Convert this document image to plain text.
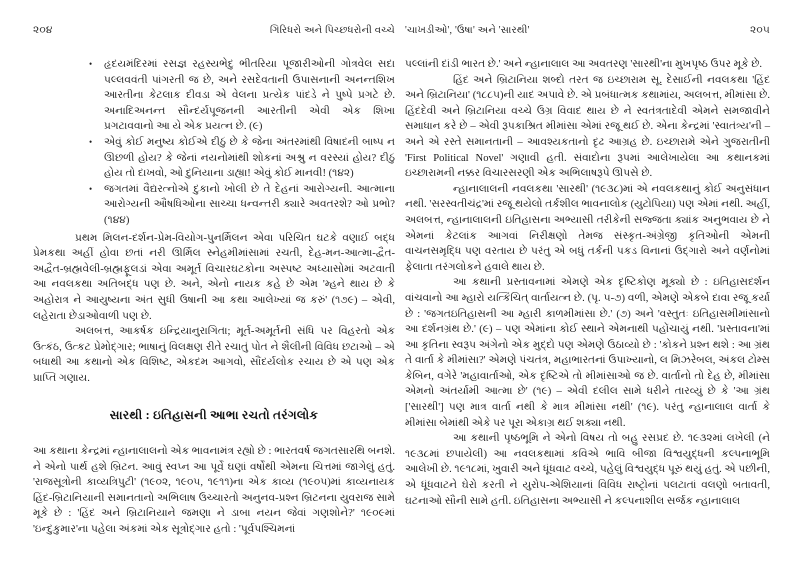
૨૦૪	ગિરિધરો અને પિચ્છધરોની વચ્ચે
• હૃદયમંદિરમાં રસજ્ઞ રહસ્યભેદુ ભીતરિયા પૂજારીઓની ગોત્રવેલ સદા પલ્લવવંતી પાંગરતી જ છે, અને રસદેવતાની ઉપાસનાની અનન્તશિખ આરતીના કેટલાક દીવડા એ વેલના પ્રત્યેક પાંદડે ને પુષ્પે પ્રગટે છે. અનાદિઅનન્ત સૌન્દર્યપૂજનની આરતીની એવી એક શિખા પ્રગટાવવાનો આ યે એક પ્રયત્ન છે. (૯)
• એવું કોઈ મનુષ્ય કોઈએ દીઠું છે કે જેના અંતરમાંથી વિષાદની બાષ્પ ન ઊછળી હોય? કે જેનાં નયનોમાંથી શોકનાં અશ્રુ ન વરસ્યાં હોય? દીઠું હોય તો દાખવો, ઓ દુનિયાના ડાહ્યા! એવું કોઈ માનવી! (૧૪૨)
• જગતમાં વૈદ્યરત્નોએ દુકાનો ખોલી છે તે દેહનાં આરોગ્યની. આત્માના આરોગ્યની ઔષધિઓના સાચ્ચા ધન્વન્તરી ક્યારે અવતરશે? ઓ પ્રભો? (૧૪૪)

પ્રથમ મિલન-દર્શન-પ્રેમ-વિયોગ-પુનર્મિલન એવા પરિચિત ઘટકે વણાઈ બદ્ધ પ્રેમકથા અહીં હોવા છતાં નરી ઊર્મિલ સ્નેહમીમાંસામાં રચતી, દેહ-મન-આત્મા-દ્વૈત-અદ્વૈત-બ્રહ્મવેલી-બ્રહ્મફૂલડાં એવા અમૂર્ત વિચારઘટકોના અસ્પષ્ટ અધ્યાસોમાં અટવાતી આ નવલકથા અતિબદ્ધ પણ છે. અને, એનો નાયક કહે છે એમ 'મ્હને થાય છે કે અહોરાત્ર ને આયુષ્યના અંત સુધી ઉષાની આ કથા આલેખ્યાં જ કરું' (૧૭૯) – એવી, લહેરાતા છેડાઓવાળી પણ છે.

અલબત્ત, આકર્ષક ઇન્દ્રિયાનુરાગિતા; મૂર્ત-અમૂર્તની સંધિ પર વિહરતો એક ઉત્કંઠ, ઉત્કટ પ્રેમોદ્ગાર; ભાષાનું વિલક્ષણ રીતે રચાતું પોત ને શૈલીની વિવિધ છટાઓ – એ બધાથી આ કથાનો એક વિશિષ્ટ, એકદમ આગવો, સૌંદર્યલોક રચાય છે એ પણ એક પ્રાપ્તિ ગણાય.

સારથી : ઇતિહાસની આભા રચતો તરંગલોક

આ કથાના કેન્દ્રમાં ન્હાનાલાલનો એક ભાવનામંત્ર રહ્યો છે : ભારતવર્ષ જગતસારથિ બનશે. ને એનો પાર્થ હશે બ્રિટન. આવું સ્વપ્ન આ પૂર્વે ઘણાં વર્ષોથી એમના ચિત્તમાં જાગેલું હતું. 'રાજસૂત્રોની કાવ્યત્રિપુટી' (૧૯૦૨, ૧૯૦૫, ૧૯૧૧)ના એક કાવ્ય (૧૯૦૫)માં કાવ્યનાયક હિંદ-બ્રિટાનિયાની સમાનતાનો અભિલાષ ઉચ્ચારતો અનુનવ-પ્રશ્ન બ્રિટનના યુવરાજ સામે મૂકે છે : 'હિંદ અને બ્રિટાનિયાને જમણા ને ડાબા નયન જેવાં ગણશોને?' ૧૯૦૯માં 'ઇન્દુકુમાર'ના પહેલા અંકમાં એક સૂત્રોદ્ગાર હતો : 'પૂર્વપશ્ચિમનાં

'ચાખડીઓ', 'ઉષા' અને 'સારથી'	૨૦૫

પલ્લાંની દાંડી ભારત છે.' અને ન્હાનાલાલ આ અવતરણ 'સારથી'ના મુખપૃષ્ઠ ઉપર મૂકે છે.

હિંદ અને બ્રિટાનિયા શબ્દો તરત જ ઇચ્છારામ સૂ. દેસાઈની નવલકથા 'હિંદ અને બ્રિટાનિયા' (૧૮૮૫)ની યાદ અપાવે છે. એ પ્રબંધાત્મક કથામાંય, અલબત્ત, મીમાંસા છે. હિંદદેવી અને બ્રિટાનિયા વચ્ચે ઉગ્ર વિવાદ થાય છે ને સ્વતંત્રતાદેવી એમને સમજાવીને સમાધાન કરે છે – એવી રૂપકાશ્રિત મીમાંસા એમાં રજૂ થઈ છે. એના કેન્દ્રમાં 'સ્વાતંત્ર્ય'ની – અને એ રસ્તે સમાનતાની – આવશ્યકતાનો દૃઢ આગ્રહ છે. ઇચ્છારામે એને ગુજરાતીની 'First Political Novel' ગણાવી હતી. સંવાદોના રૂપમાં આલેખાયેલા આ કથાનકમાં ઇચ્છારામની નક્કર વિચારસરણી એક અભિલાષરૂપે ઊપસે છે.

ન્હાનાલાલની નવલકથા 'સારથી' (૧૯૩૮)માં એ નવલકથાનું કોઈ અનુસંધાન નથી. 'સરસ્વતીચંદ્ર'માં રજૂ થયેલો તર્કશીલ ભાવનાલોક (યુટોપિયા) પણ એમાં નથી. અહીં, અલબત્ત, ન્હાનાલાલની ઇતિહાસના અભ્યાસી તરીકેની સજ્જતા ક્યાંક અનુભવાય છે ને એમનાં કેટલાંક આગવાં નિરીક્ષણો તેમજ સંસ્કૃત-અંગ્રેજી કૃતિઓની એમની વાચનસમૃદ્ધિ પણ વરતાય છે પરંતુ એ બધું તર્કની પકડ વિનાનાં ઉદ્ગારો અને વર્ણનોમાં ફેલાતા તરંગલોકને હવાલે થાય છે.

આ કથાની પ્રસ્તાવનામાં એમણે એક દૃષ્ટિકોણ મૂક્યો છે : ઇતિહાસદર્શન વાંચવાનો આ મ્હારો યત્કિંચિત્ વાર્તાયત્ન છે. (પૃ. ૫-૭) વળી, એમણે એકબે દાવા રજૂ કર્યા છે : 'જગતઇતિહાસની આ મ્હારી કાળમીમાંસા છે.' (૭) અને 'વસ્તુતઃ ઇતિહાસમીમાંસાનો આ દર્શનગ્રંથ છે.' (૯) – પણ એમાંના કોઈ સ્થાને એમનાથી પહોંચાયું નથી. 'પ્રસ્તાવના'માં આ કૃતિના સ્વરૂપ અંગેનો એક મુદ્દો પણ એમણે ઉઠાવ્યો છે : 'કોકને પ્રશ્ન થશે : આ ગ્રંથ તે વાર્તા કે મીમાંસા?' એમણે પંચતંત્ર, મહાભારતનાં ઉપાખ્યાનો, લ મિઝરેબલ, અંકલ ટોમ્સ કેબિન, વગેરે 'મહાવાર્તાઓ, એક દૃષ્ટિએ તો મીમાંસાઓ જ છે. વાર્તાનો તો દેહ છે, મીમાંસા એમનો અંતર્યામી આત્મા છે' (૧૯) – એવી દલીલ સામે ધરીને તારવ્યું છે કે 'આ ગ્રંથ ['સારથી'] પણ માત્ર વાર્તા નથી કે માત્ર મીમાંસા નથી' (૧૯). પરંતુ ન્હાનાલાલ વાર્તા કે મીમાંસા બેમાંથી એકે પર પૂરા એકાગ્ર થઈ શક્યા નથી.

આ કથાની પૃષ્ઠભૂમિ ને એનો વિષય તો બહુ રસપ્રદ છે. ૧૯૩૨માં લખેલી (ને ૧૯૩૮માં છપાયેલી) આ નવલકથામાં કવિએ ભાવિ બીજા વિશ્વયુદ્ધની કલ્પનાભૂમિ આલેખી છે. ૧૯૧૮માં, ખુવારી અને ધૂંધવાટ વચ્ચે, પહેલું વિશ્વયુદ્ધ પૂરું થયું હતું. એ પછીની, એ ધૂંધવાટને ઘેરો કરતી ને યુરોપ-એશિયાનાં વિવિધ રાષ્ટ્રોનાં પલટાતાં વલણો બતાવતી, ઘટનાઓ સૌની સામે હતી. ઇતિહાસના અભ્યાસી ને કલ્પનાશીલ સર્જક ન્હાનાલાલ
